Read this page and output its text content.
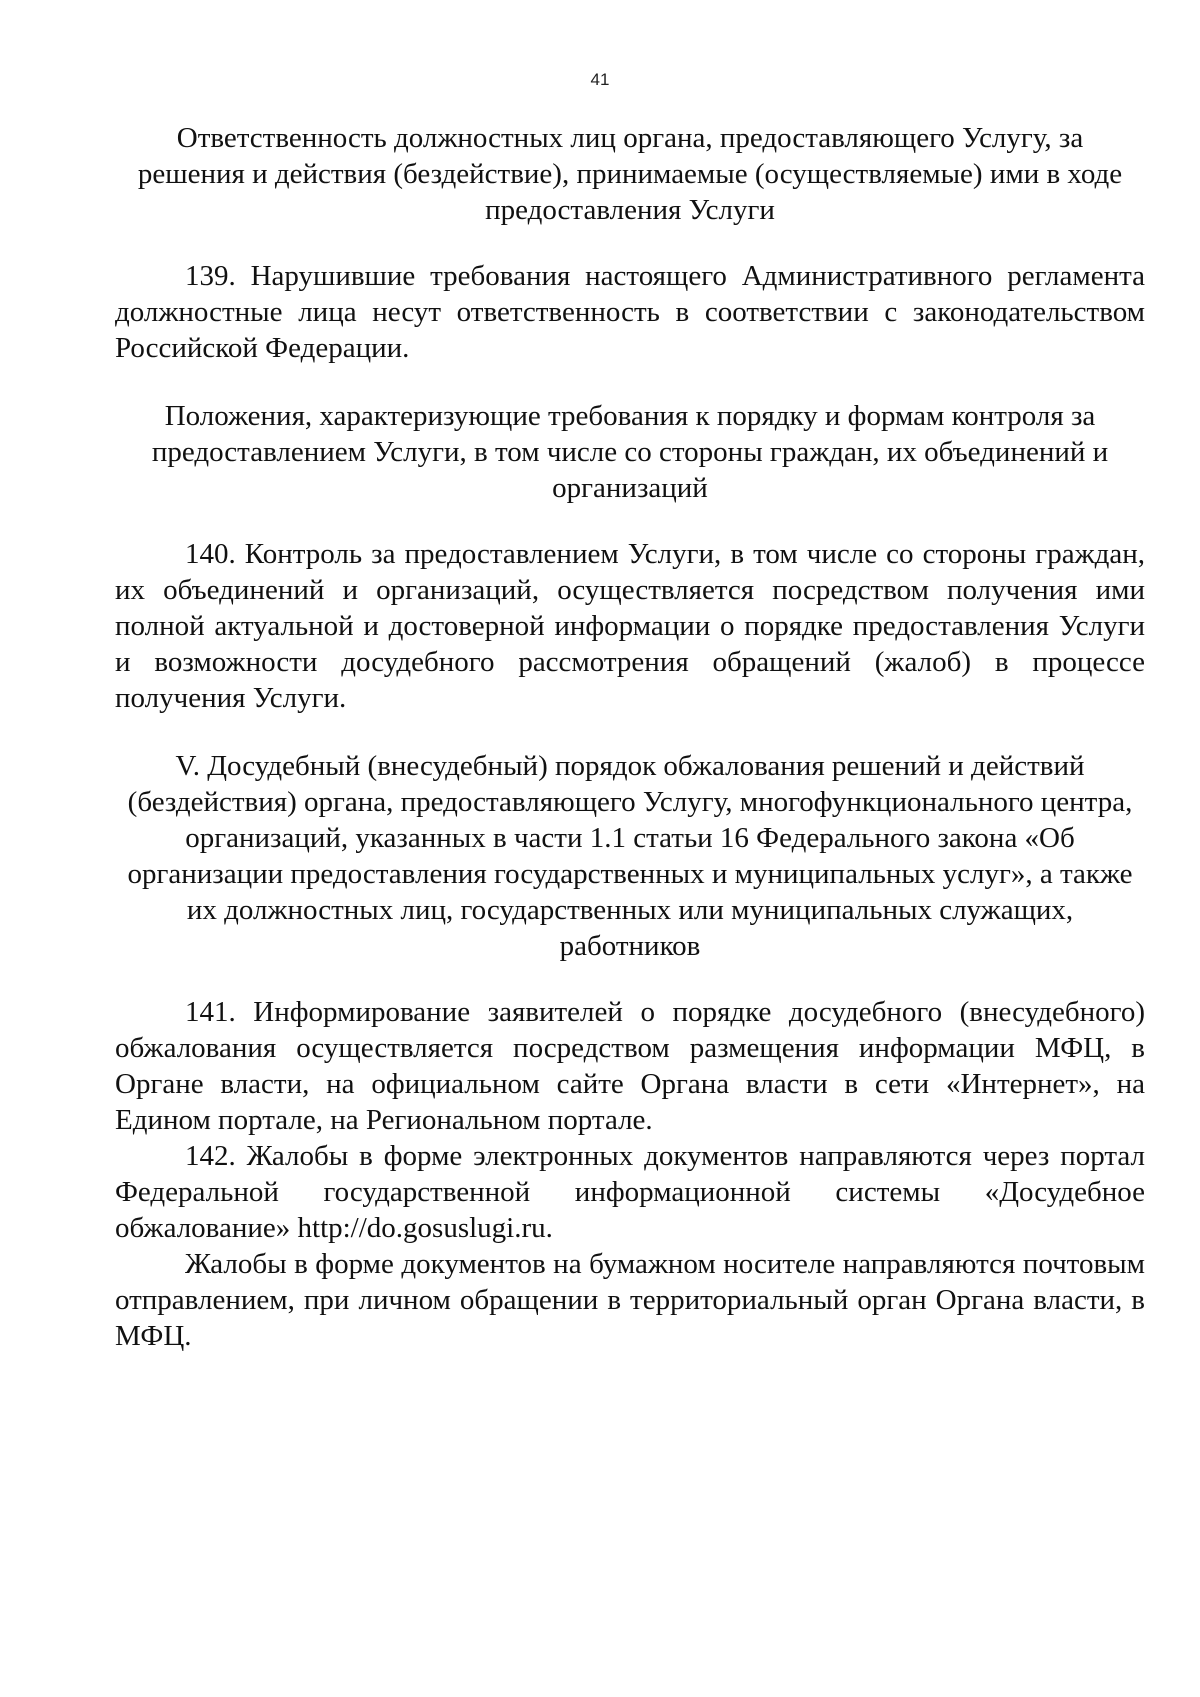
41

Ответственность должностных лиц органа, предоставляющего Услугу, за решения и действия (бездействие), принимаемые (осуществляемые) ими в ходе предоставления Услуги

139. Нарушившие требования настоящего Административного регламента должностные лица несут ответственность в соответствии с законодательством Российской Федерации.

Положения, характеризующие требования к порядку и формам контроля за предоставлением Услуги, в том числе со стороны граждан, их объединений и организаций

140. Контроль за предоставлением Услуги, в том числе со стороны граждан, их объединений и организаций, осуществляется посредством получения ими полной актуальной и достоверной информации о порядке предоставления Услуги и возможности досудебного рассмотрения обращений (жалоб) в процессе получения Услуги.

V. Досудебный (внесудебный) порядок обжалования решений и действий (бездействия) органа, предоставляющего Услугу, многофункционального центра, организаций, указанных в части 1.1 статьи 16 Федерального закона «Об организации предоставления государственных и муниципальных услуг», а также их должностных лиц, государственных или муниципальных служащих, работников

141. Информирование заявителей о порядке досудебного (внесудебного) обжалования осуществляется посредством размещения информации МФЦ, в Органе власти, на официальном сайте Органа власти в сети «Интернет», на Едином портале, на Региональном портале.

142. Жалобы в форме электронных документов направляются через портал Федеральной государственной информационной системы «Досудебное обжалование» http://do.gosuslugi.ru.

Жалобы в форме документов на бумажном носителе направляются почтовым отправлением, при личном обращении в территориальный орган Органа власти, в МФЦ.
